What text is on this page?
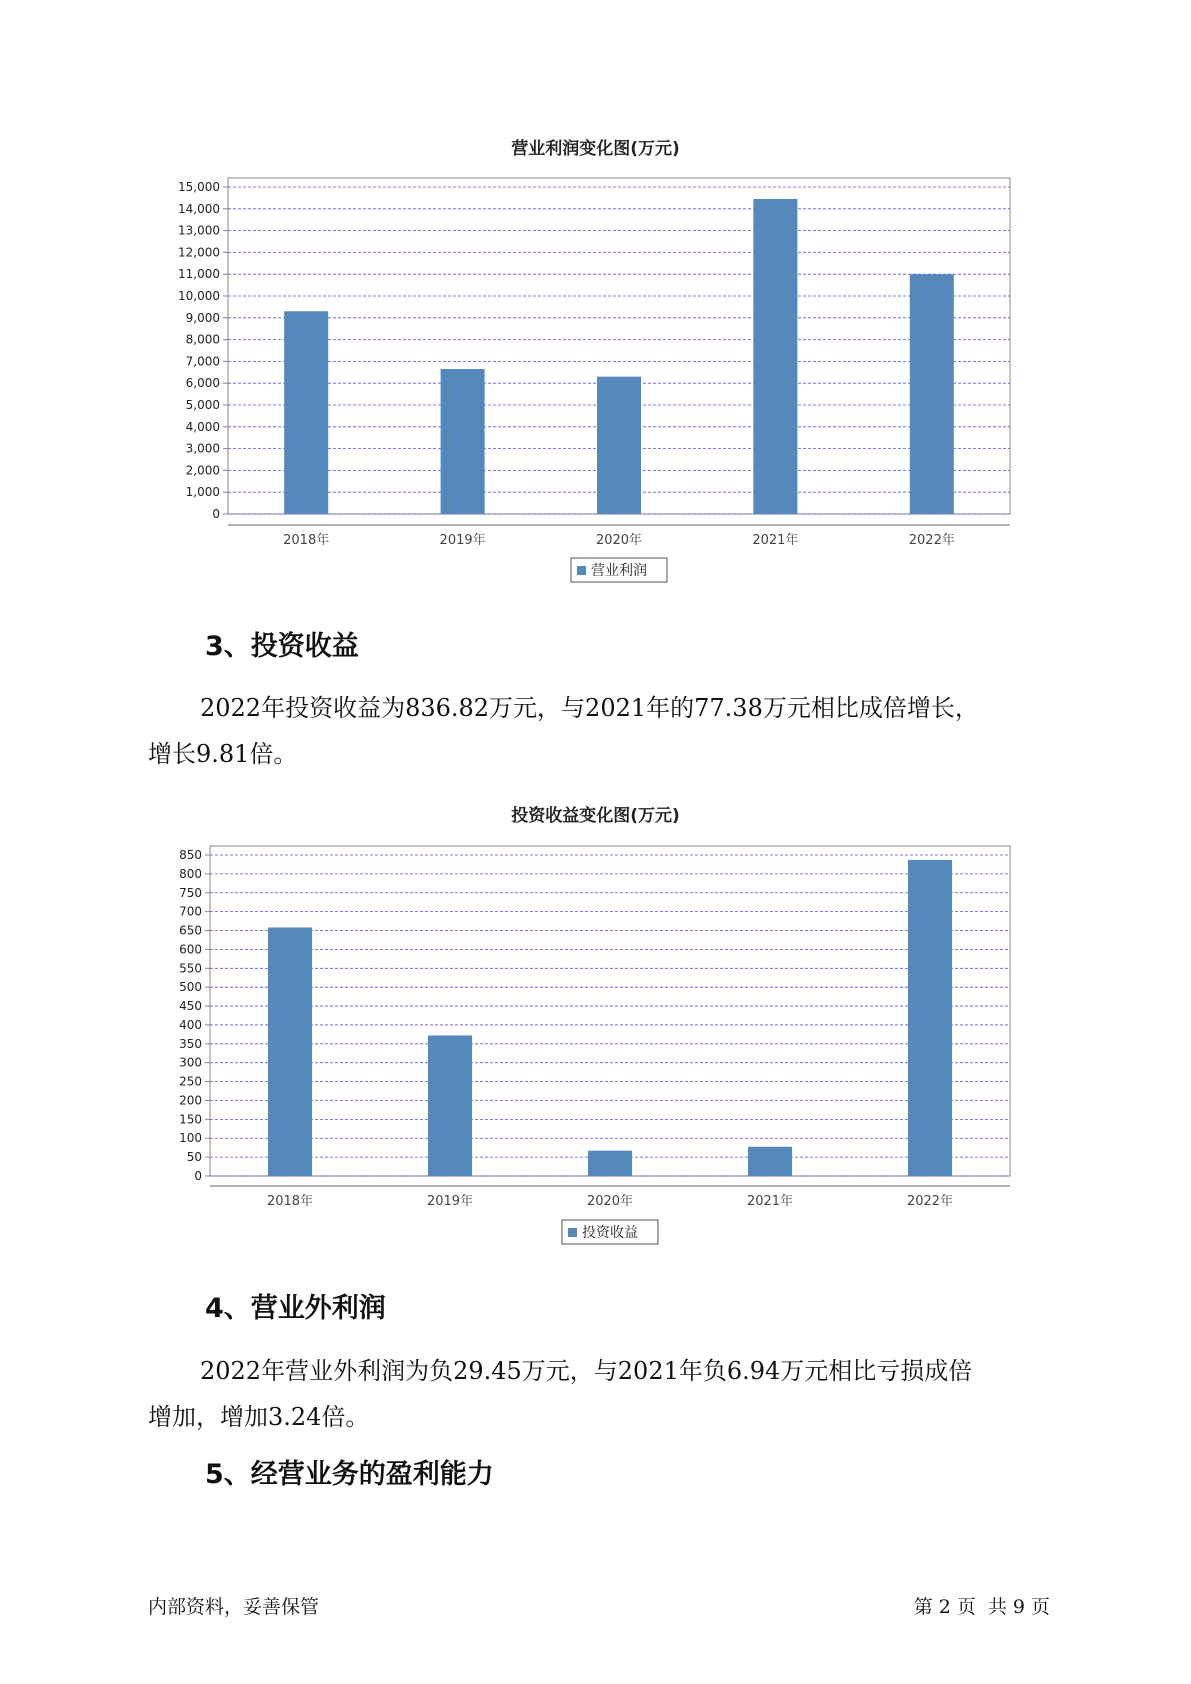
营业利润变化图(万元)
0
1,000
2,000
3,000
4,000
5,000
6,000
7,000
8,000
9,000
10,000
11,000
12,000
13,000
14,000
15,000
2018年	2019年	2020年	2021年	2022年
营业利润
3、投资收益
2022年投资收益为836.82万元，与2021年的77.38万元相比成倍增长，
增长9.81倍。
投资收益变化图(万元)
0
50
100
150
200
250
300
350
400
450
500
550
600
650
700
750
800
850
2018年	2019年	2020年	2021年	2022年
投资收益
4、营业外利润
2022年营业外利润为负29.45万元，与2021年负6.94万元相比亏损成倍
增加，增加3.24倍。
5、经营业务的盈利能力
内部资料，妥善保管	第 2 页 共 9 页
